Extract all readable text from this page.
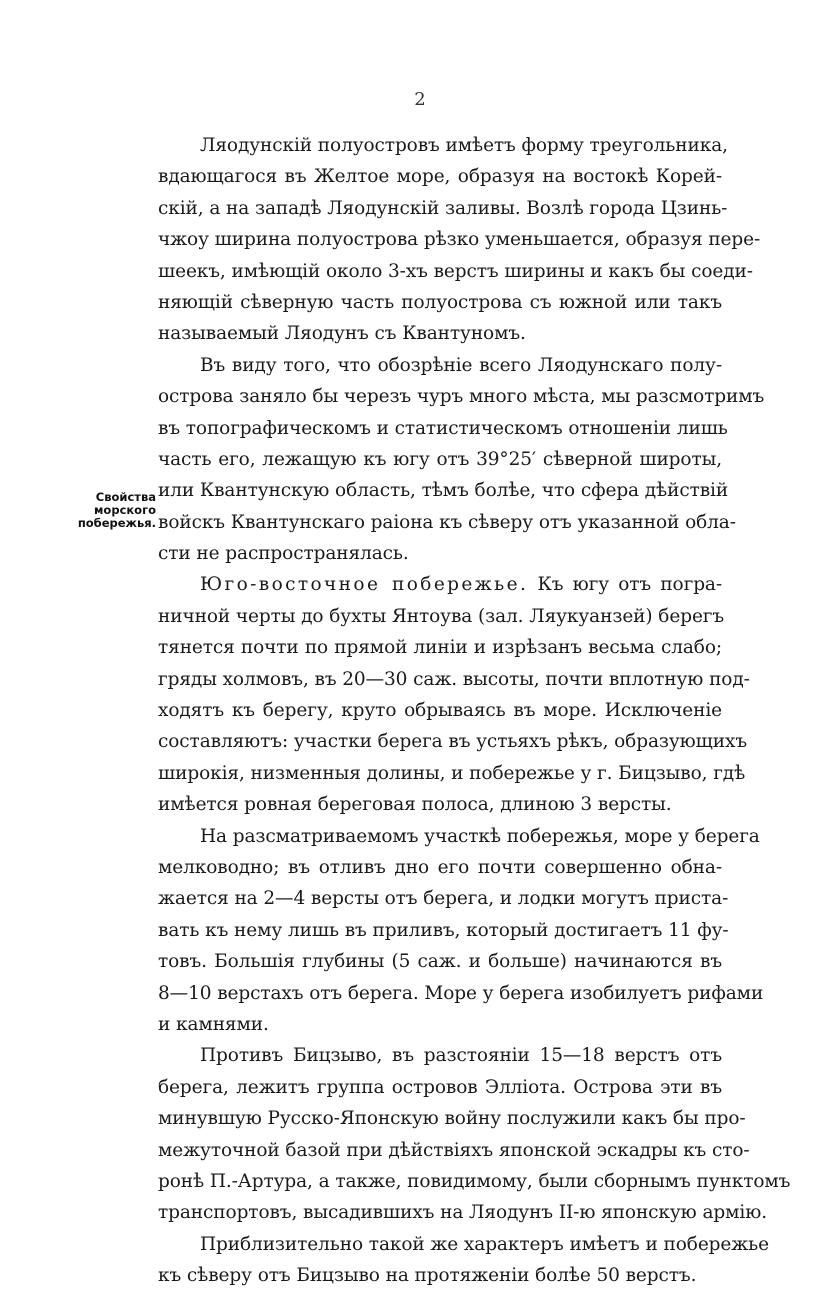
2
Свойства
морского
побережья.
Ляодунскій полуостровъ имѣетъ форму треугольника,
вдающагося въ Желтое море, образуя на востокѣ Корей-
скій, а на западѣ Ляодунскій заливы. Возлѣ города Цзинь-
чжоу ширина полуострова рѣзко уменьшается, образуя пере-
шеекъ, имѣющій около 3-хъ верстъ ширины и какъ бы соеди-
няющій сѣверную часть полуострова съ южной или такъ
называемый Ляодунъ съ Квантуномъ.
Въ виду того, что обозрѣніе всего Ляодунскаго полу-
острова заняло бы черезъ чуръ много мѣста, мы разсмотримъ
въ топографическомъ и статистическомъ отношеніи лишь
часть его, лежащую къ югу отъ 39°25′ сѣверной широты,
или Квантунскую область, тѣмъ болѣе, что сфера дѣйствій
войскъ Квантунскаго раіона къ сѣверу отъ указанной обла-
сти не распространялась.
Юго-восточное побережье. Къ югу отъ погра-
ничной черты до бухты Янтоува (зал. Ляукуанзей) берегъ
тянется почти по прямой линіи и изрѣзанъ весьма слабо;
гряды холмовъ, въ 20—30 саж. высоты, почти вплотную под-
ходятъ къ берегу, круто обрываясь въ море. Исключеніе
составляютъ: участки берега въ устьяхъ рѣкъ, образующихъ
широкія, низменныя долины, и побережье у г. Бицзыво, гдѣ
имѣется ровная береговая полоса, длиною 3 версты.
На разсматриваемомъ участкѣ побережья, море у берега
мелководно; въ отливъ дно его почти совершенно обна-
жается на 2—4 версты отъ берега, и лодки могутъ приста-
вать къ нему лишь въ приливъ, который достигаетъ 11 фу-
товъ. Большія глубины (5 саж. и больше) начинаются въ
8—10 верстахъ отъ берега. Море у берега изобилуетъ рифами
и камнями.
Противъ Бицзыво, въ разстояніи 15—18 верстъ отъ
берега, лежитъ группа островов Эллiота. Острова эти въ
минувшую Русско-Японскую войну послужили какъ бы про-
межуточной базой при дѣйствіяхъ японской эскадры къ сто-
ронѣ П.-Артура, а также, повидимому, были сборнымъ пунктомъ
транспортовъ, высадившихъ на Ляодунъ II-ю японскую армію.
Приблизительно такой же характеръ имѣетъ и побережье
къ сѣверу отъ Бицзыво на протяженіи болѣе 50 верстъ.
